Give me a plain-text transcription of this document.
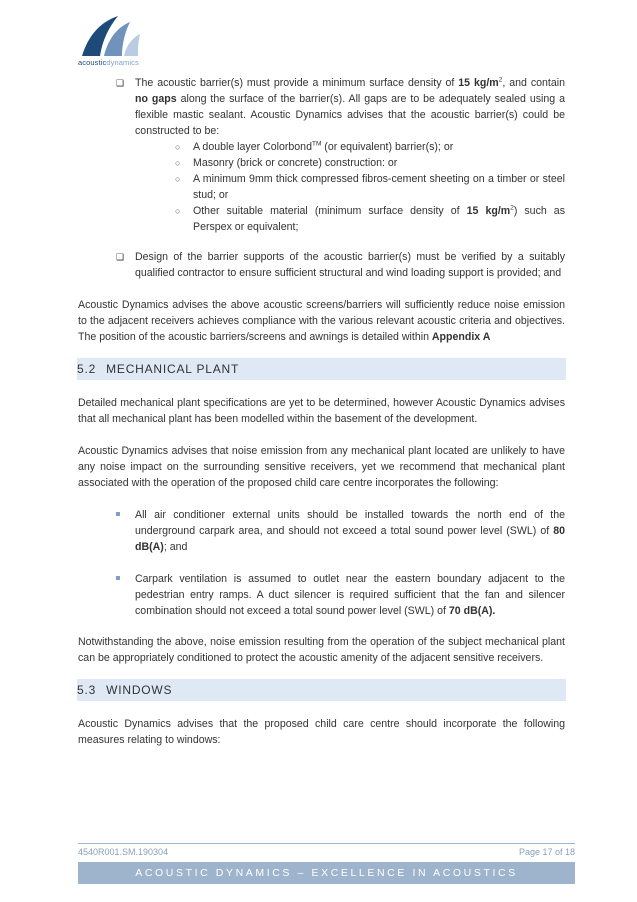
acousticdynamics

❑ The acoustic barrier(s) must provide a minimum surface density of 15 $kg/m^2$, and contain no gaps along the surface of the barrier(s). All gaps are to be adequately sealed using a flexible mastic sealant. Acoustic Dynamics advises that the acoustic barrier(s) could be constructed to be:

○ A double layer Colorbond™ (or equivalent) barrier(s); or

○ Masonry (brick or concrete) construction: or

○ A minimum 9mm thick compressed fibros-cement sheeting on a timber or steel stud; or

○ Other suitable material (minimum surface density of 15 $kg/m^2$) such as Perspex or equivalent;

❑ Design of the barrier supports of the acoustic barrier(s) must be verified by a suitably qualified contractor to ensure sufficient structural and wind loading support is provided; and

Acoustic Dynamics advises the above acoustic screens/barriers will sufficiently reduce noise emission to the adjacent receivers achieves compliance with the various relevant acoustic criteria and objectives. The position of the acoustic barriers/screens and awnings is detailed within Appendix A

5.2 MECHANICAL PLANT

Detailed mechanical plant specifications are yet to be determined, however Acoustic Dynamics advises that all mechanical plant has been modelled within the basement of the development.

Acoustic Dynamics advises that noise emission from any mechanical plant located are unlikely to have any noise impact on the surrounding sensitive receivers, yet we recommend that mechanical plant associated with the operation of the proposed child care centre incorporates the following:

All air conditioner external units should be installed towards the north end of the underground carpark area, and should not exceed a total sound power level (SWL) of 80 dB(A); and

Carpark ventilation is assumed to outlet near the eastern boundary adjacent to the pedestrian entry ramps. A duct silencer is required sufficient that the fan and silencer combination should not exceed a total sound power level (SWL) of 70 dB(A).

Notwithstanding the above, noise emission resulting from the operation of the subject mechanical plant can be appropriately conditioned to protect the acoustic amenity of the adjacent sensitive receivers.

5.3 WINDOWS

Acoustic Dynamics advises that the proposed child care centre should incorporate the following measures relating to windows:

4540R001.SM.190304	Page 17 of 18
ACOUSTIC DYNAMICS – EXCELLENCE IN ACOUSTICS
